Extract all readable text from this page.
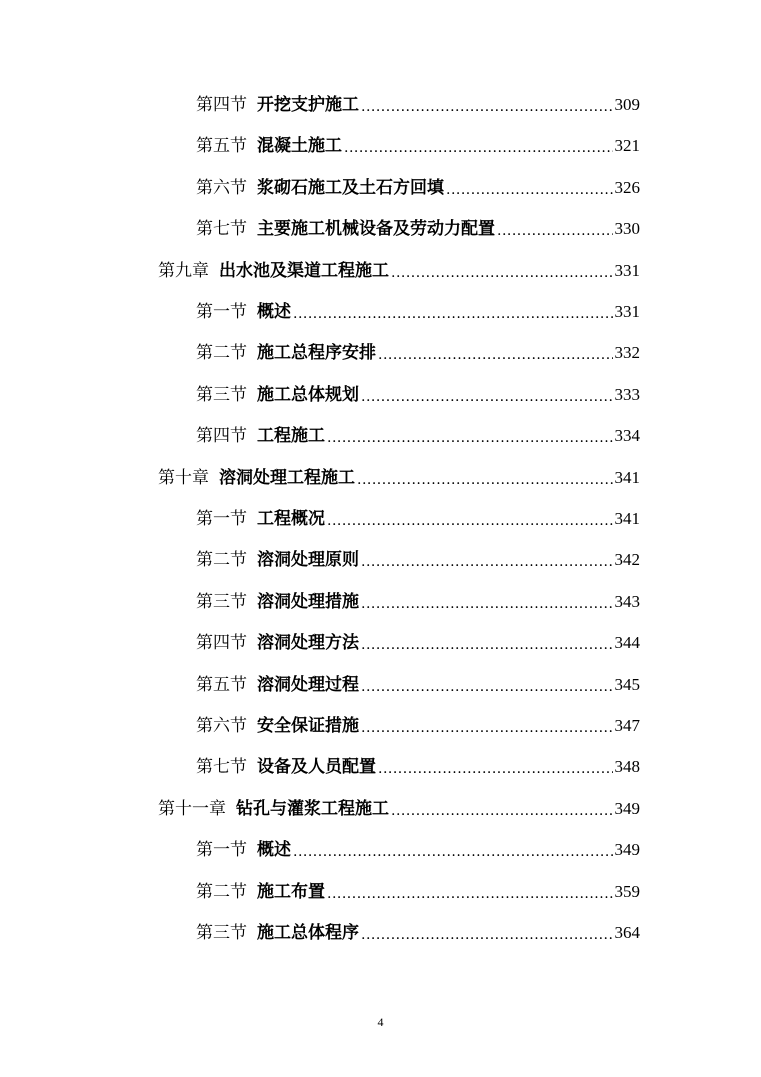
第四节 开挖支护施工 .....	309
第五节 混凝土施工 .....	321
第六节 浆砌石施工及土石方回填 .....	326
第七节 主要施工机械设备及劳动力配置 .....	330
第九章 出水池及渠道工程施工 .....	331
第一节 概述 .....	331
第二节 施工总程序安排 .....	332
第三节 施工总体规划 .....	333
第四节 工程施工 .....	334
第十章 溶洞处理工程施工 .....	341
第一节 工程概况 .....	341
第二节 溶洞处理原则 .....	342
第三节 溶洞处理措施 .....	343
第四节 溶洞处理方法 .....	344
第五节 溶洞处理过程 .....	345
第六节 安全保证措施 .....	347
第七节 设备及人员配置 .....	348
第十一章 钻孔与灌浆工程施工 .....	349
第一节 概述 .....	349
第二节 施工布置 .....	359
第三节 施工总体程序 .....	364
4
